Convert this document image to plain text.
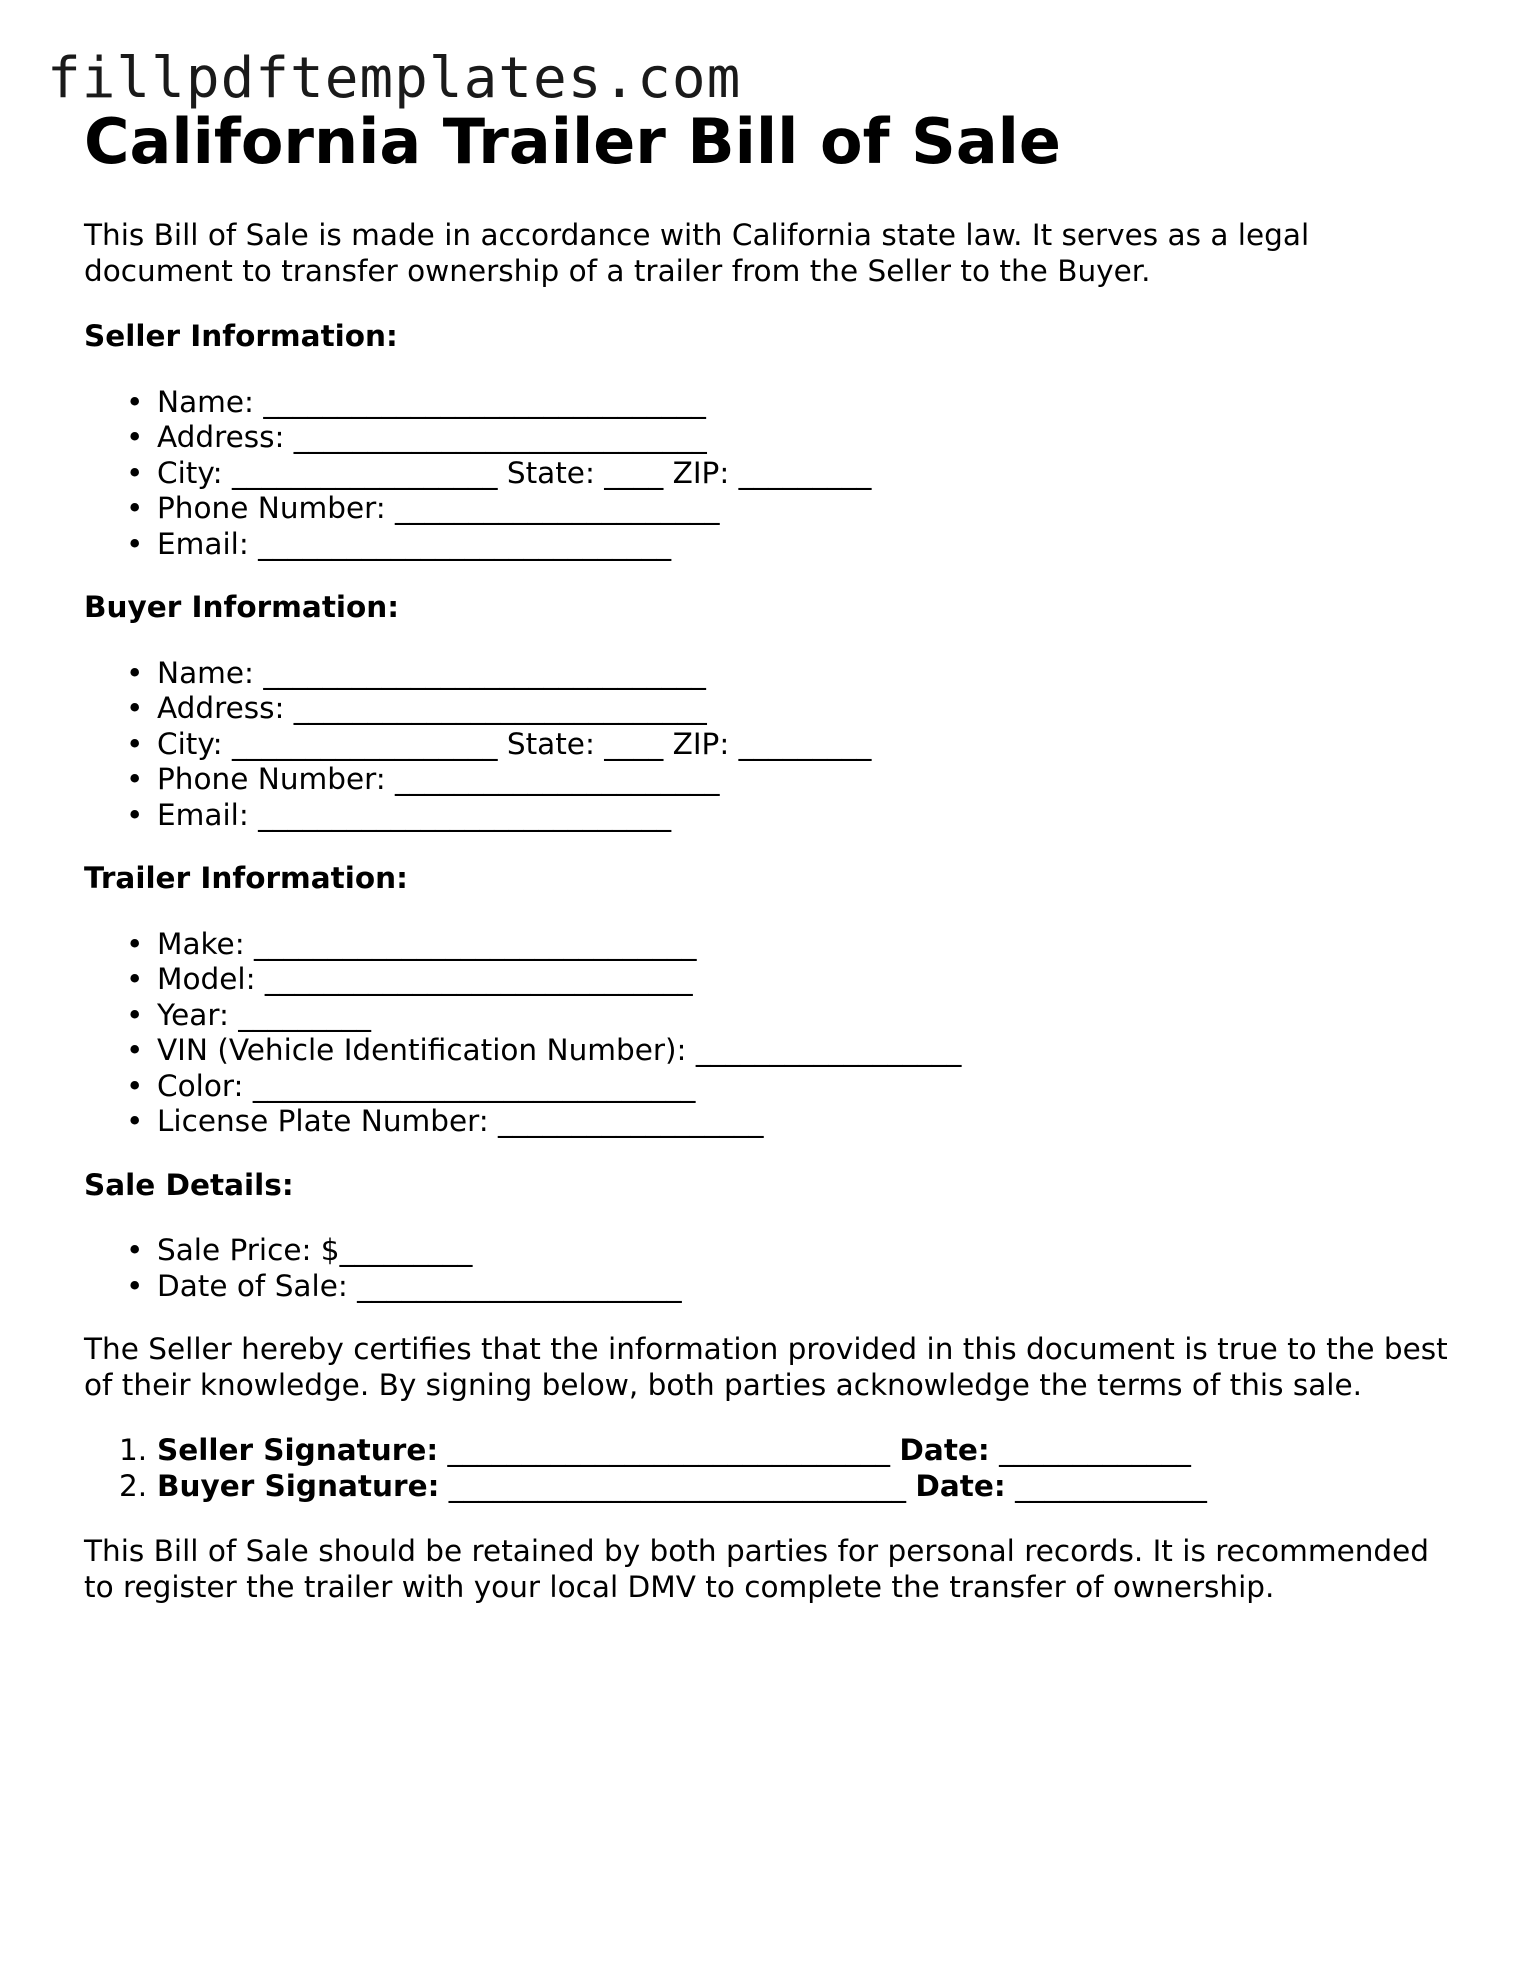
fillpdftemplates.com
California Trailer Bill of Sale

This Bill of Sale is made in accordance with California state law. It serves as a legal document to transfer ownership of a trailer from the Seller to the Buyer.

Seller Information:

• Name: ______________________________
• Address: ____________________________
• City: __________________ State: ____ ZIP: _________
• Phone Number: ______________________
• Email: ____________________________

Buyer Information:

• Name: ______________________________
• Address: ____________________________
• City: __________________ State: ____ ZIP: _________
• Phone Number: ______________________
• Email: ____________________________

Trailer Information:

• Make: ______________________________
• Model: _____________________________
• Year: _________
• VIN (Vehicle Identification Number): __________________
• Color: ______________________________
• License Plate Number: __________________

Sale Details:

• Sale Price: $_________
• Date of Sale: ______________________

The Seller hereby certifies that the information provided in this document is true to the best of their knowledge. By signing below, both parties acknowledge the terms of this sale.

1. Seller Signature: ______________________________ Date: _____________
2. Buyer Signature: _______________________________ Date: _____________

This Bill of Sale should be retained by both parties for personal records. It is recommended to register the trailer with your local DMV to complete the transfer of ownership.
